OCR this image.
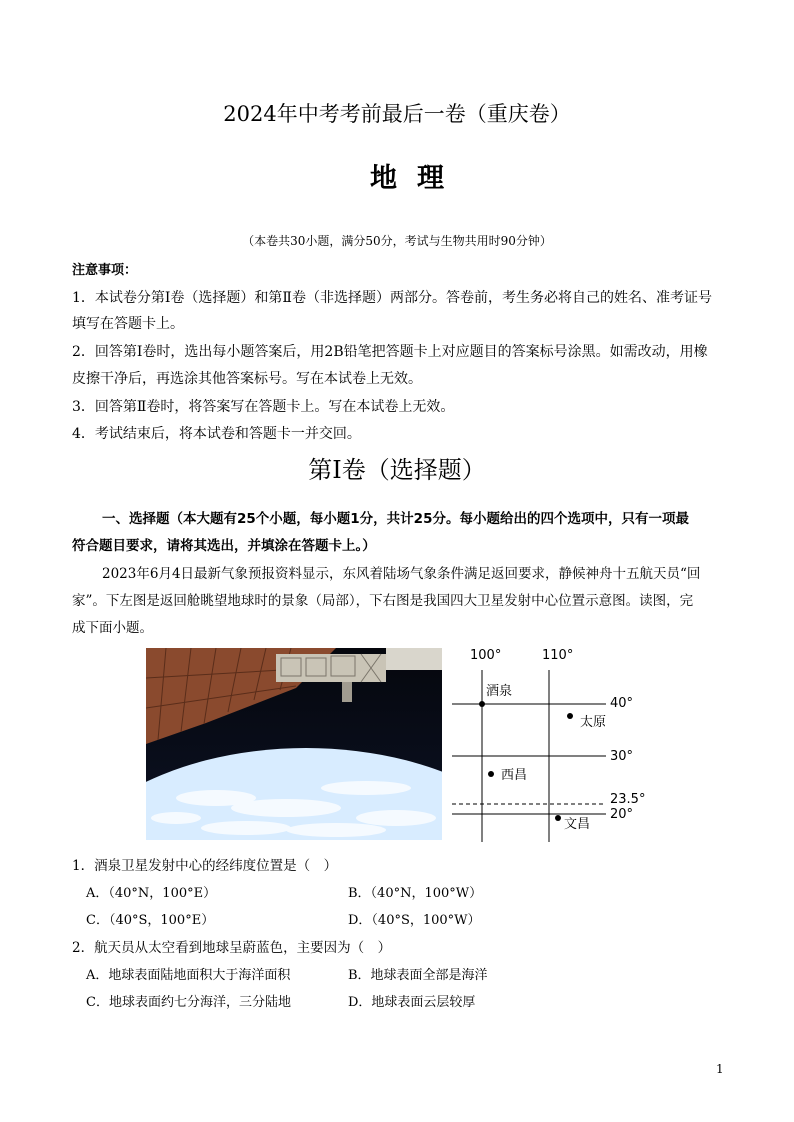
2024年中考考前最后一卷（重庆卷）
地理
（本卷共30小题，满分50分，考试与生物共用时90分钟）
注意事项：
1．本试卷分第Ⅰ卷（选择题）和第Ⅱ卷（非选择题）两部分。答卷前，考生务必将自己的姓名、准考证号
填写在答题卡上。
2．回答第Ⅰ卷时，选出每小题答案后，用2B铅笔把答题卡上对应题目的答案标号涂黑。如需改动，用橡
皮擦干净后，再选涂其他答案标号。写在本试卷上无效。
3．回答第Ⅱ卷时，将答案写在答题卡上。写在本试卷上无效。
4．考试结束后，将本试卷和答题卡一并交回。
第Ⅰ卷（选择题）
一、选择题（本大题有25个小题，每小题1分，共计25分。每小题给出的四个选项中，只有一项最
符合题目要求，请将其选出，并填涂在答题卡上。）
2023年6月4日最新气象预报资料显示，东风着陆场气象条件满足返回要求，静候神舟十五航天员“回
家”。下左图是返回舱眺望地球时的景象（局部），下右图是我国四大卫星发射中心位置示意图。读图，完
成下面小题。
100°	110°
40°
30°
23.5°
20°
酒泉
太原
西昌
文昌
1．酒泉卫星发射中心的经纬度位置是（　）
A．（40°N，100°E）	B．（40°N，100°W）
C．（40°S，100°E）	D．（40°S，100°W）
2．航天员从太空看到地球呈蔚蓝色，主要因为（　）
A．地球表面陆地面积大于海洋面积	B．地球表面全部是海洋
C．地球表面约七分海洋，三分陆地	D．地球表面云层较厚
1
